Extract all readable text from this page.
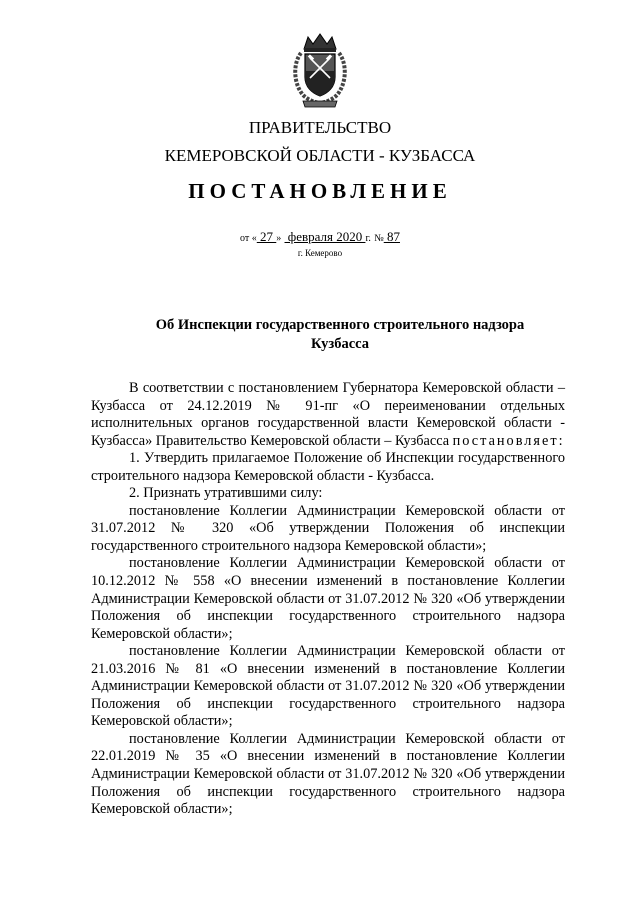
ПРАВИТЕЛЬСТВО
КЕМЕРОВСКОЙ ОБЛАСТИ - КУЗБАССА
ПОСТАНОВЛЕНИЕ
от « 27 »  февраля 2020 г. № 87
г. Кемерово
Об Инспекции государственного строительного надзора
Кузбасса

В соответствии с постановлением Губернатора Кемеровской области – Кузбасса от 24.12.2019 № 91-пг «О переименовании отдельных исполнительных органов государственной власти Кемеровской области - Кузбасса» Правительство Кемеровской области – Кузбасса постановляет:

1. Утвердить прилагаемое Положение об Инспекции государственного строительного надзора Кемеровской области - Кузбасса.

2. Признать утратившими силу:

постановление Коллегии Администрации Кемеровской области от 31.07.2012 № 320 «Об утверждении Положения об инспекции государственного строительного надзора Кемеровской области»;

постановление Коллегии Администрации Кемеровской области от 10.12.2012 № 558 «О внесении изменений в постановление Коллегии Администрации Кемеровской области от 31.07.2012 № 320 «Об утверждении Положения об инспекции государственного строительного надзора Кемеровской области»;

постановление Коллегии Администрации Кемеровской области от 21.03.2016 № 81 «О внесении изменений в постановление Коллегии Администрации Кемеровской области от 31.07.2012 № 320 «Об утверждении Положения об инспекции государственного строительного надзора Кемеровской области»;

постановление Коллегии Администрации Кемеровской области от 22.01.2019 № 35 «О внесении изменений в постановление Коллегии Администрации Кемеровской области от 31.07.2012 № 320 «Об утверждении Положения об инспекции государственного строительного надзора Кемеровской области»;
